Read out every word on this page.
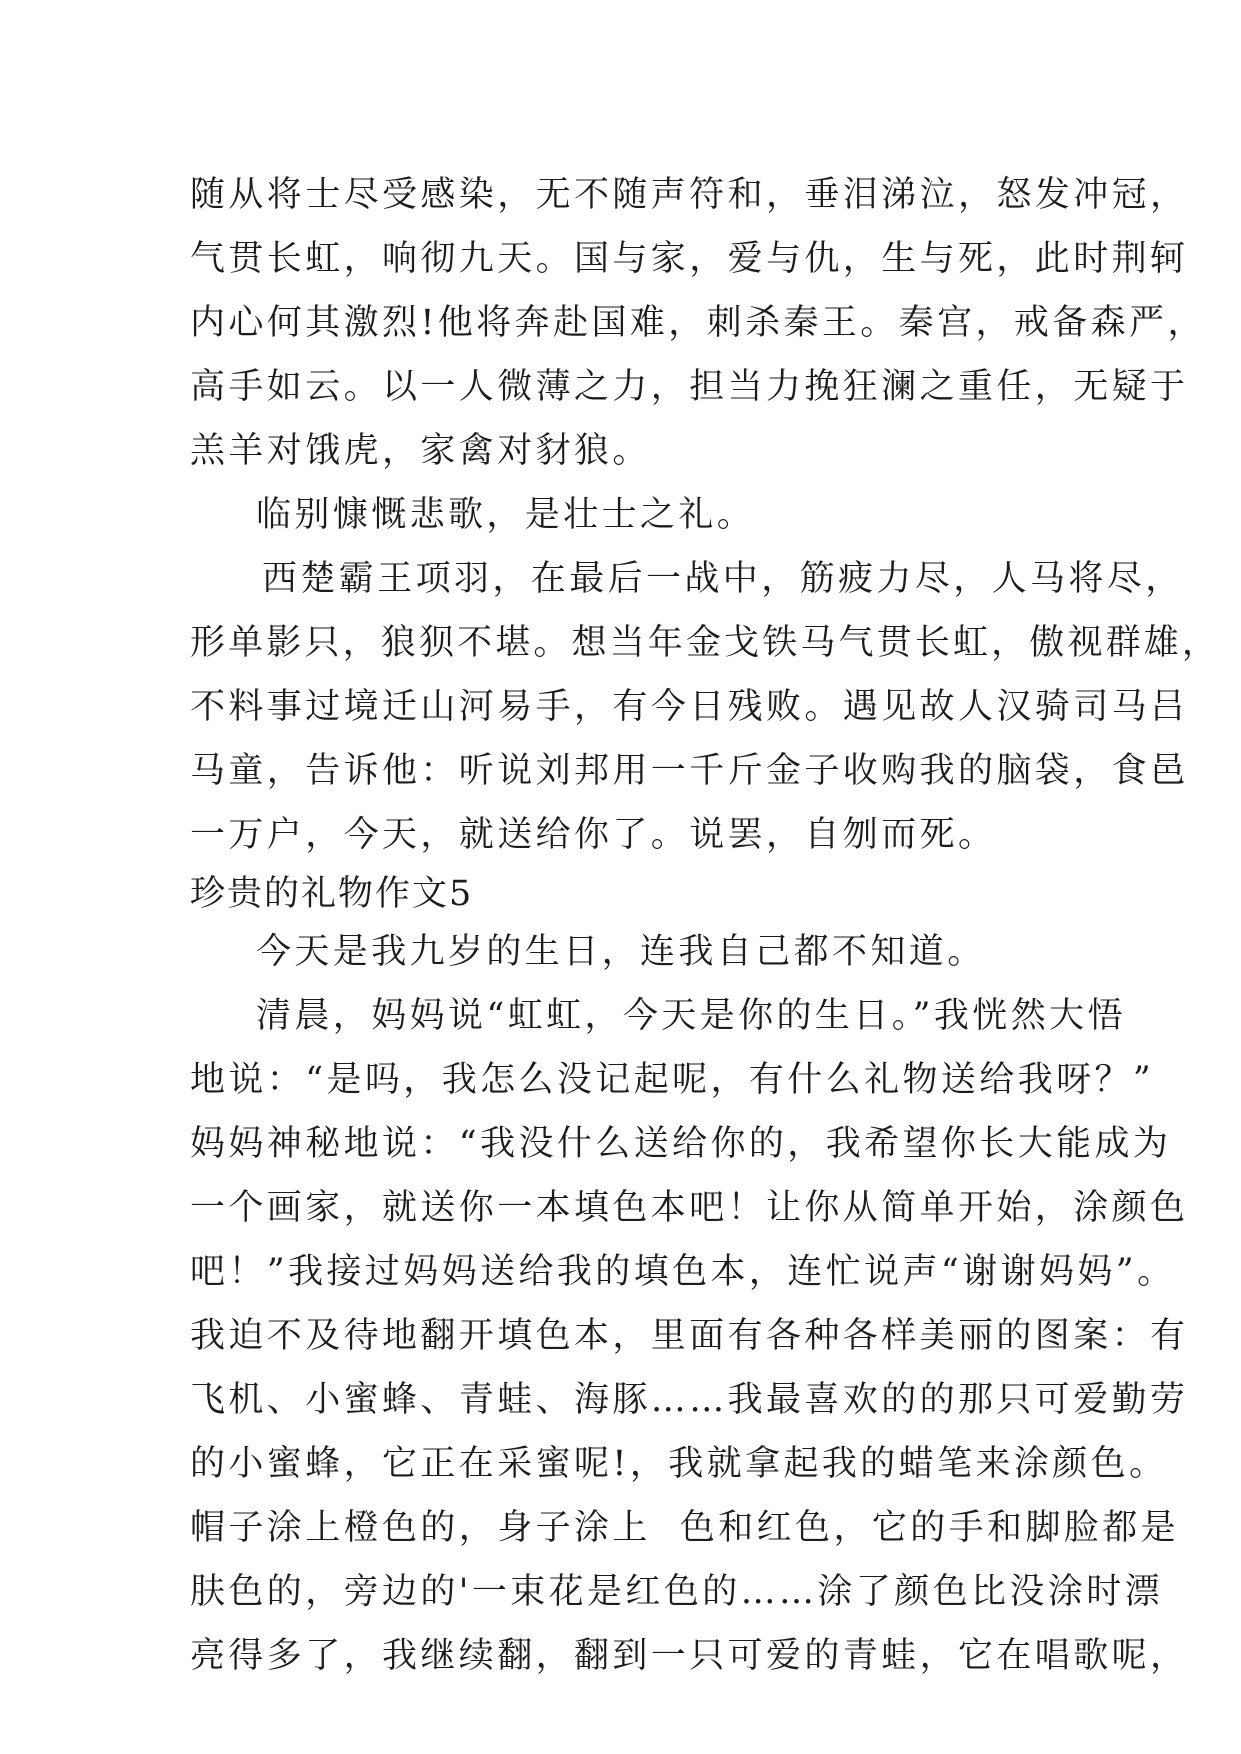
随从将士尽受感染，无不随声符和，垂泪涕泣，怒发冲冠，
气贯长虹，响彻九天。国与家，爱与仇，生与死，此时荆轲
内心何其激烈!他将奔赴国难，刺杀秦王。秦宫，戒备森严，
高手如云。以一人微薄之力，担当力挽狂澜之重任，无疑于
羔羊对饿虎，家禽对豺狼。
临别慷慨悲歌，是壮士之礼。
西楚霸王项羽，在最后一战中，筋疲力尽，人马将尽，
形单影只，狼狈不堪。想当年金戈铁马气贯长虹，傲视群雄，
不料事过境迁山河易手，有今日残败。遇见故人汉骑司马吕
马童，告诉他：听说刘邦用一千斤金子收购我的脑袋，食邑
一万户，今天，就送给你了。说罢，自刎而死。
珍贵的礼物作文5
今天是我九岁的生日，连我自己都不知道。
清晨，妈妈说“虹虹，今天是你的生日。”我恍然大悟
地说：“是吗，我怎么没记起呢，有什么礼物送给我呀？”
妈妈神秘地说：“我没什么送给你的，我希望你长大能成为
一个画家，就送你一本填色本吧！让你从简单开始，涂颜色
吧！”我接过妈妈送给我的填色本，连忙说声“谢谢妈妈”。
我迫不及待地翻开填色本，里面有各种各样美丽的图案：有
飞机、小蜜蜂、青蛙、海豚……我最喜欢的的那只可爱勤劳
的小蜜蜂，它正在采蜜呢!，我就拿起我的蜡笔来涂颜色。
帽子涂上橙色的，身子涂上  色和红色，它的手和脚脸都是
肤色的，旁边的'一束花是红色的……涂了颜色比没涂时漂
亮得多了，我继续翻，翻到一只可爱的青蛙，它在唱歌呢，
